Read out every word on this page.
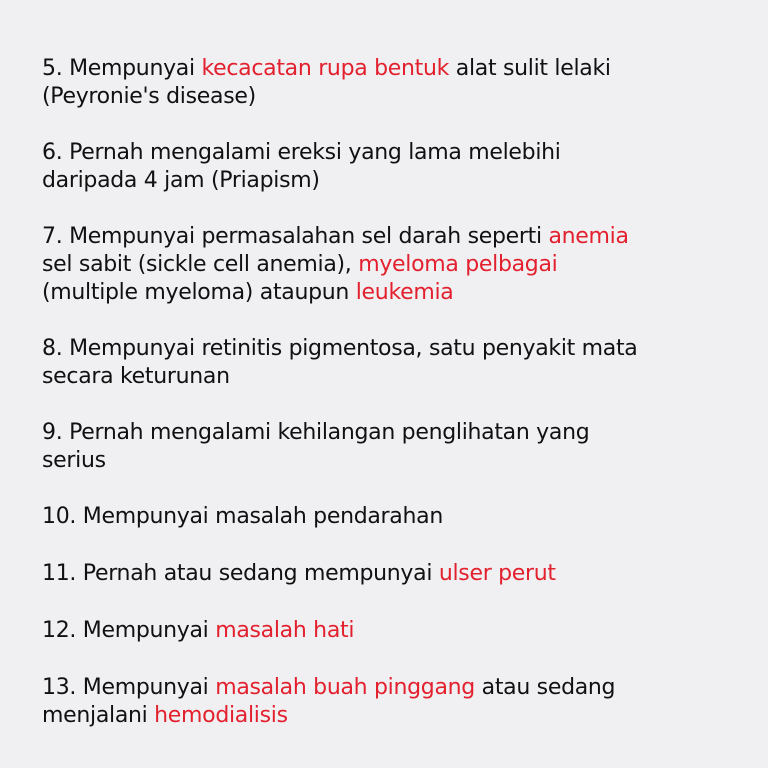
5. Mempunyai kecacatan rupa bentuk alat sulit lelaki
(Peyronie's disease)
6. Pernah mengalami ereksi yang lama melebihi
daripada 4 jam (Priapism)
7. Mempunyai permasalahan sel darah seperti anemia
sel sabit (sickle cell anemia), myeloma pelbagai
(multiple myeloma) ataupun leukemia
8. Mempunyai retinitis pigmentosa, satu penyakit mata
secara keturunan
9. Pernah mengalami kehilangan penglihatan yang
serius
10. Mempunyai masalah pendarahan
11. Pernah atau sedang mempunyai ulser perut
12. Mempunyai masalah hati
13. Mempunyai masalah buah pinggang atau sedang
menjalani hemodialisis
